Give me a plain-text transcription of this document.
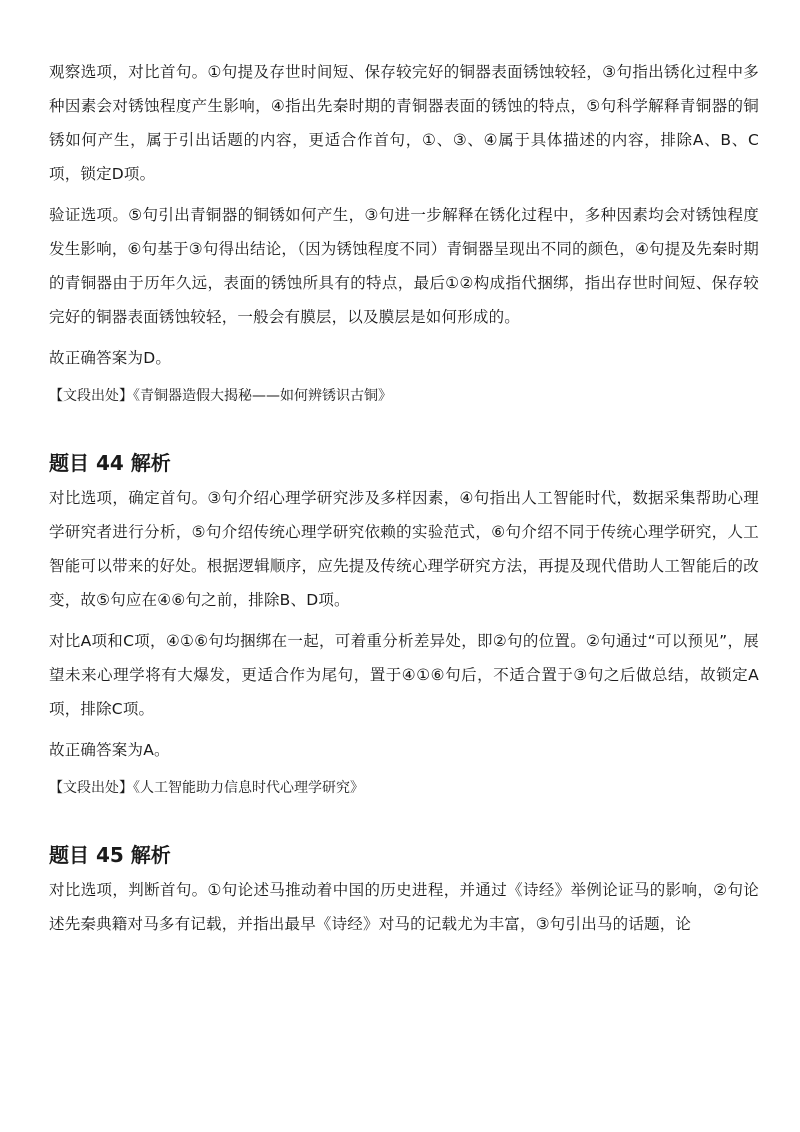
观察选项，对比首句。①句提及存世时间短、保存较完好的铜器表面锈蚀较轻，③句指出锈化过程中多种因素会对锈蚀程度产生影响，④指出先秦时期的青铜器表面的锈蚀的特点，⑤句科学解释青铜器的铜锈如何产生，属于引出话题的内容，更适合作首句，①、③、④属于具体描述的内容，排除A、B、C项，锁定D项。

验证选项。⑤句引出青铜器的铜锈如何产生，③句进一步解释在锈化过程中，多种因素均会对锈蚀程度发生影响，⑥句基于③句得出结论，（因为锈蚀程度不同）青铜器呈现出不同的颜色，④句提及先秦时期的青铜器由于历年久远，表面的锈蚀所具有的特点，最后①②构成指代捆绑，指出存世时间短、保存较完好的铜器表面锈蚀较轻，一般会有膜层，以及膜层是如何形成的。

故正确答案为D。

【文段出处】《青铜器造假大揭秘——如何辨锈识古铜》

题目 44 解析

对比选项，确定首句。③句介绍心理学研究涉及多样因素，④句指出人工智能时代，数据采集帮助心理学研究者进行分析，⑤句介绍传统心理学研究依赖的实验范式，⑥句介绍不同于传统心理学研究，人工智能可以带来的好处。根据逻辑顺序，应先提及传统心理学研究方法，再提及现代借助人工智能后的改变，故⑤句应在④⑥句之前，排除B、D项。

对比A项和C项，④①⑥句均捆绑在一起，可着重分析差异处，即②句的位置。②句通过“可以预见”，展望未来心理学将有大爆发，更适合作为尾句，置于④①⑥句后，不适合置于③句之后做总结，故锁定A项，排除C项。

故正确答案为A。

【文段出处】《人工智能助力信息时代心理学研究》

题目 45 解析

对比选项，判断首句。①句论述马推动着中国的历史进程，并通过《诗经》举例论证马的影响，②句论述先秦典籍对马多有记载，并指出最早《诗经》对马的记载尤为丰富，③句引出马的话题，论
